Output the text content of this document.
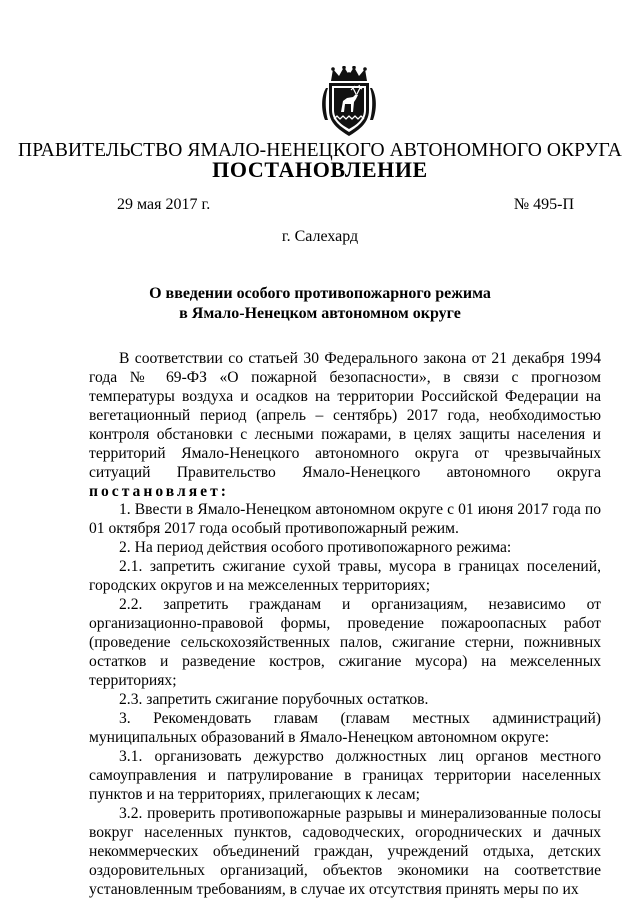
ПРАВИТЕЛЬСТВО ЯМАЛО-НЕНЕЦКОГО АВТОНОМНОГО ОКРУГА
ПОСТАНОВЛЕНИЕ
29 мая 2017 г.	№ 495-П
г. Салехард
О введении особого противопожарного режима
в Ямало-Ненецком автономном округе

В соответствии со статьей 30 Федерального закона от 21 декабря 1994 года № 69-ФЗ «О пожарной безопасности», в связи с прогнозом температуры воздуха и осадков на территории Российской Федерации на вегетационный период (апрель – сентябрь) 2017 года, необходимостью контроля обстановки с лесными пожарами, в целях защиты населения и территорий Ямало-Ненецкого автономного округа от чрезвычайных ситуаций Правительство Ямало-Ненецкого автономного округа постановляет:

1. Ввести в Ямало-Ненецком автономном округе с 01 июня 2017 года по 01 октября 2017 года особый противопожарный режим.

2. На период действия особого противопожарного режима:

2.1. запретить сжигание сухой травы, мусора в границах поселений, городских округов и на межселенных территориях;

2.2. запретить гражданам и организациям, независимо от организационно-правовой формы, проведение пожароопасных работ (проведение сельскохозяйственных палов, сжигание стерни, пожнивных остатков и разведение костров, сжигание мусора) на межселенных территориях;

2.3. запретить сжигание порубочных остатков.

3. Рекомендовать главам (главам местных администраций) муниципальных образований в Ямало-Ненецком автономном округе:

3.1. организовать дежурство должностных лиц органов местного самоуправления и патрулирование в границах территории населенных пунктов и на территориях, прилегающих к лесам;

3.2. проверить противопожарные разрывы и минерализованные полосы вокруг населенных пунктов, садоводческих, огороднических и дачных некоммерческих объединений граждан, учреждений отдыха, детских оздоровительных организаций, объектов экономики на соответствие установленным требованиям, в случае их отсутствия принять меры по их
